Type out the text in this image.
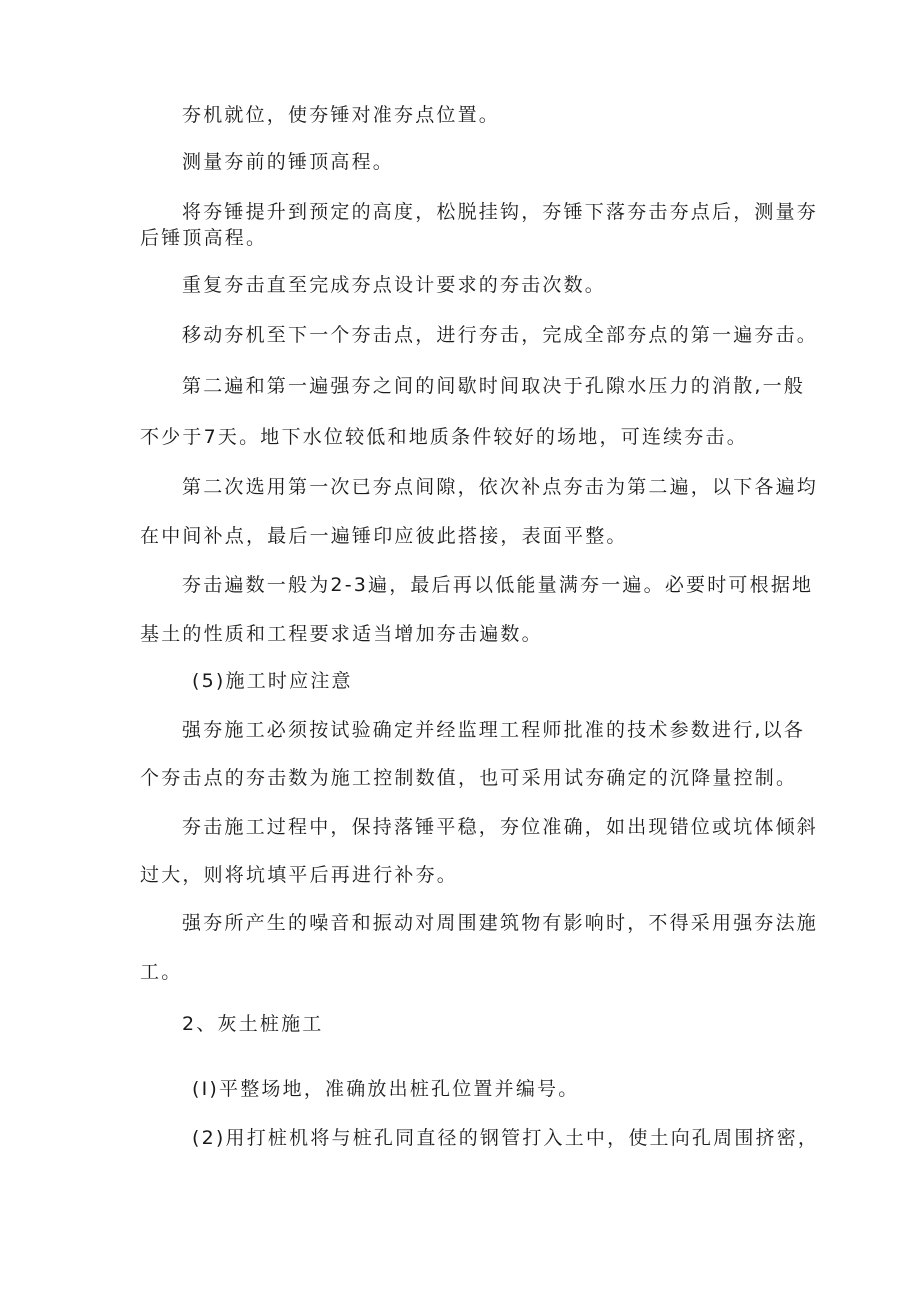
夯机就位，使夯锤对准夯点位置。
测量夯前的锤顶高程。
将夯锤提升到预定的高度，松脱挂钩，夯锤下落夯击夯点后，测量夯
后锤顶高程。
重复夯击直至完成夯点设计要求的夯击次数。
移动夯机至下一个夯击点，进行夯击，完成全部夯点的第一遍夯击。
第二遍和第一遍强夯之间的间歇时间取决于孔隙水压力的消散,一般
不少于7天。地下水位较低和地质条件较好的场地，可连续夯击。
第二次选用第一次已夯点间隙，依次补点夯击为第二遍，以下各遍均
在中间补点，最后一遍锤印应彼此搭接，表面平整。
夯击遍数一般为2-3遍，最后再以低能量满夯一遍。必要时可根据地
基土的性质和工程要求适当增加夯击遍数。
(5)施工时应注意
强夯施工必须按试验确定并经监理工程师批准的技术参数进行,以各
个夯击点的夯击数为施工控制数值，也可采用试夯确定的沉降量控制。
夯击施工过程中，保持落锤平稳，夯位准确，如出现错位或坑体倾斜
过大，则将坑填平后再进行补夯。
强夯所产生的噪音和振动对周围建筑物有影响时，不得采用强夯法施
工。
2、灰土桩施工
(I)平整场地，准确放出桩孔位置并编号。
(2)用打桩机将与桩孔同直径的钢管打入土中，使土向孔周围挤密，
